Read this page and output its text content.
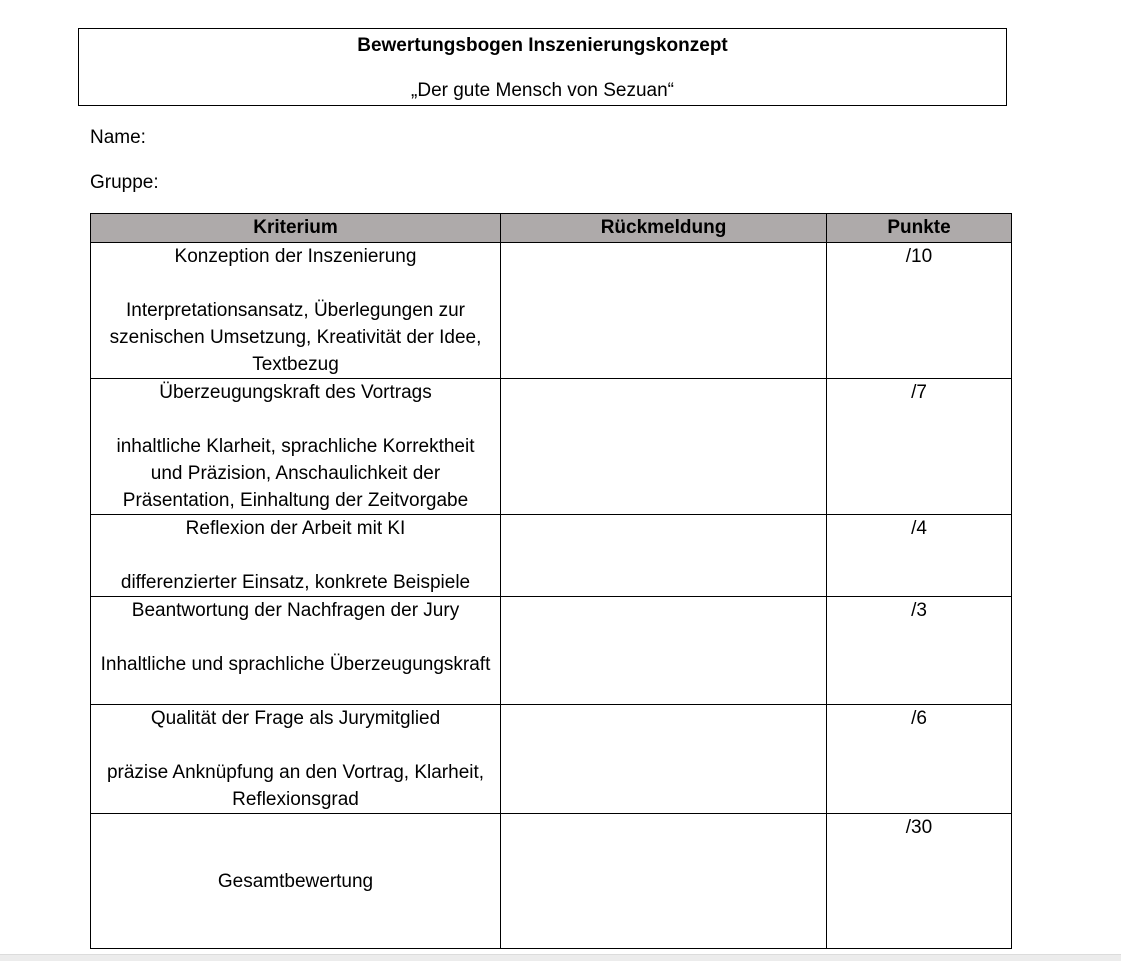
Bewertungsbogen Inszenierungskonzept
„Der gute Mensch von Sezuan“
Name:
Gruppe:
Kriterium	Rückmeldung	Punkte

Konzeption der Inszenierung
Interpretationsansatz, Überlegungen zur szenischen Umsetzung, Kreativität der Idee, Textbezug		/10

Überzeugungskraft des Vortrags
inhaltliche Klarheit, sprachliche Korrektheit und Präzision, Anschaulichkeit der Präsentation, Einhaltung der Zeitvorgabe		/7

Reflexion der Arbeit mit KI
differenzierter Einsatz, konkrete Beispiele		/4

Beantwortung der Nachfragen der Jury
Inhaltliche und sprachliche Überzeugungskraft		/3

Qualität der Frage als Jurymitglied
präzise Anknüpfung an den Vortrag, Klarheit, Reflexionsgrad		/6
Gesamtbewertung		/30
